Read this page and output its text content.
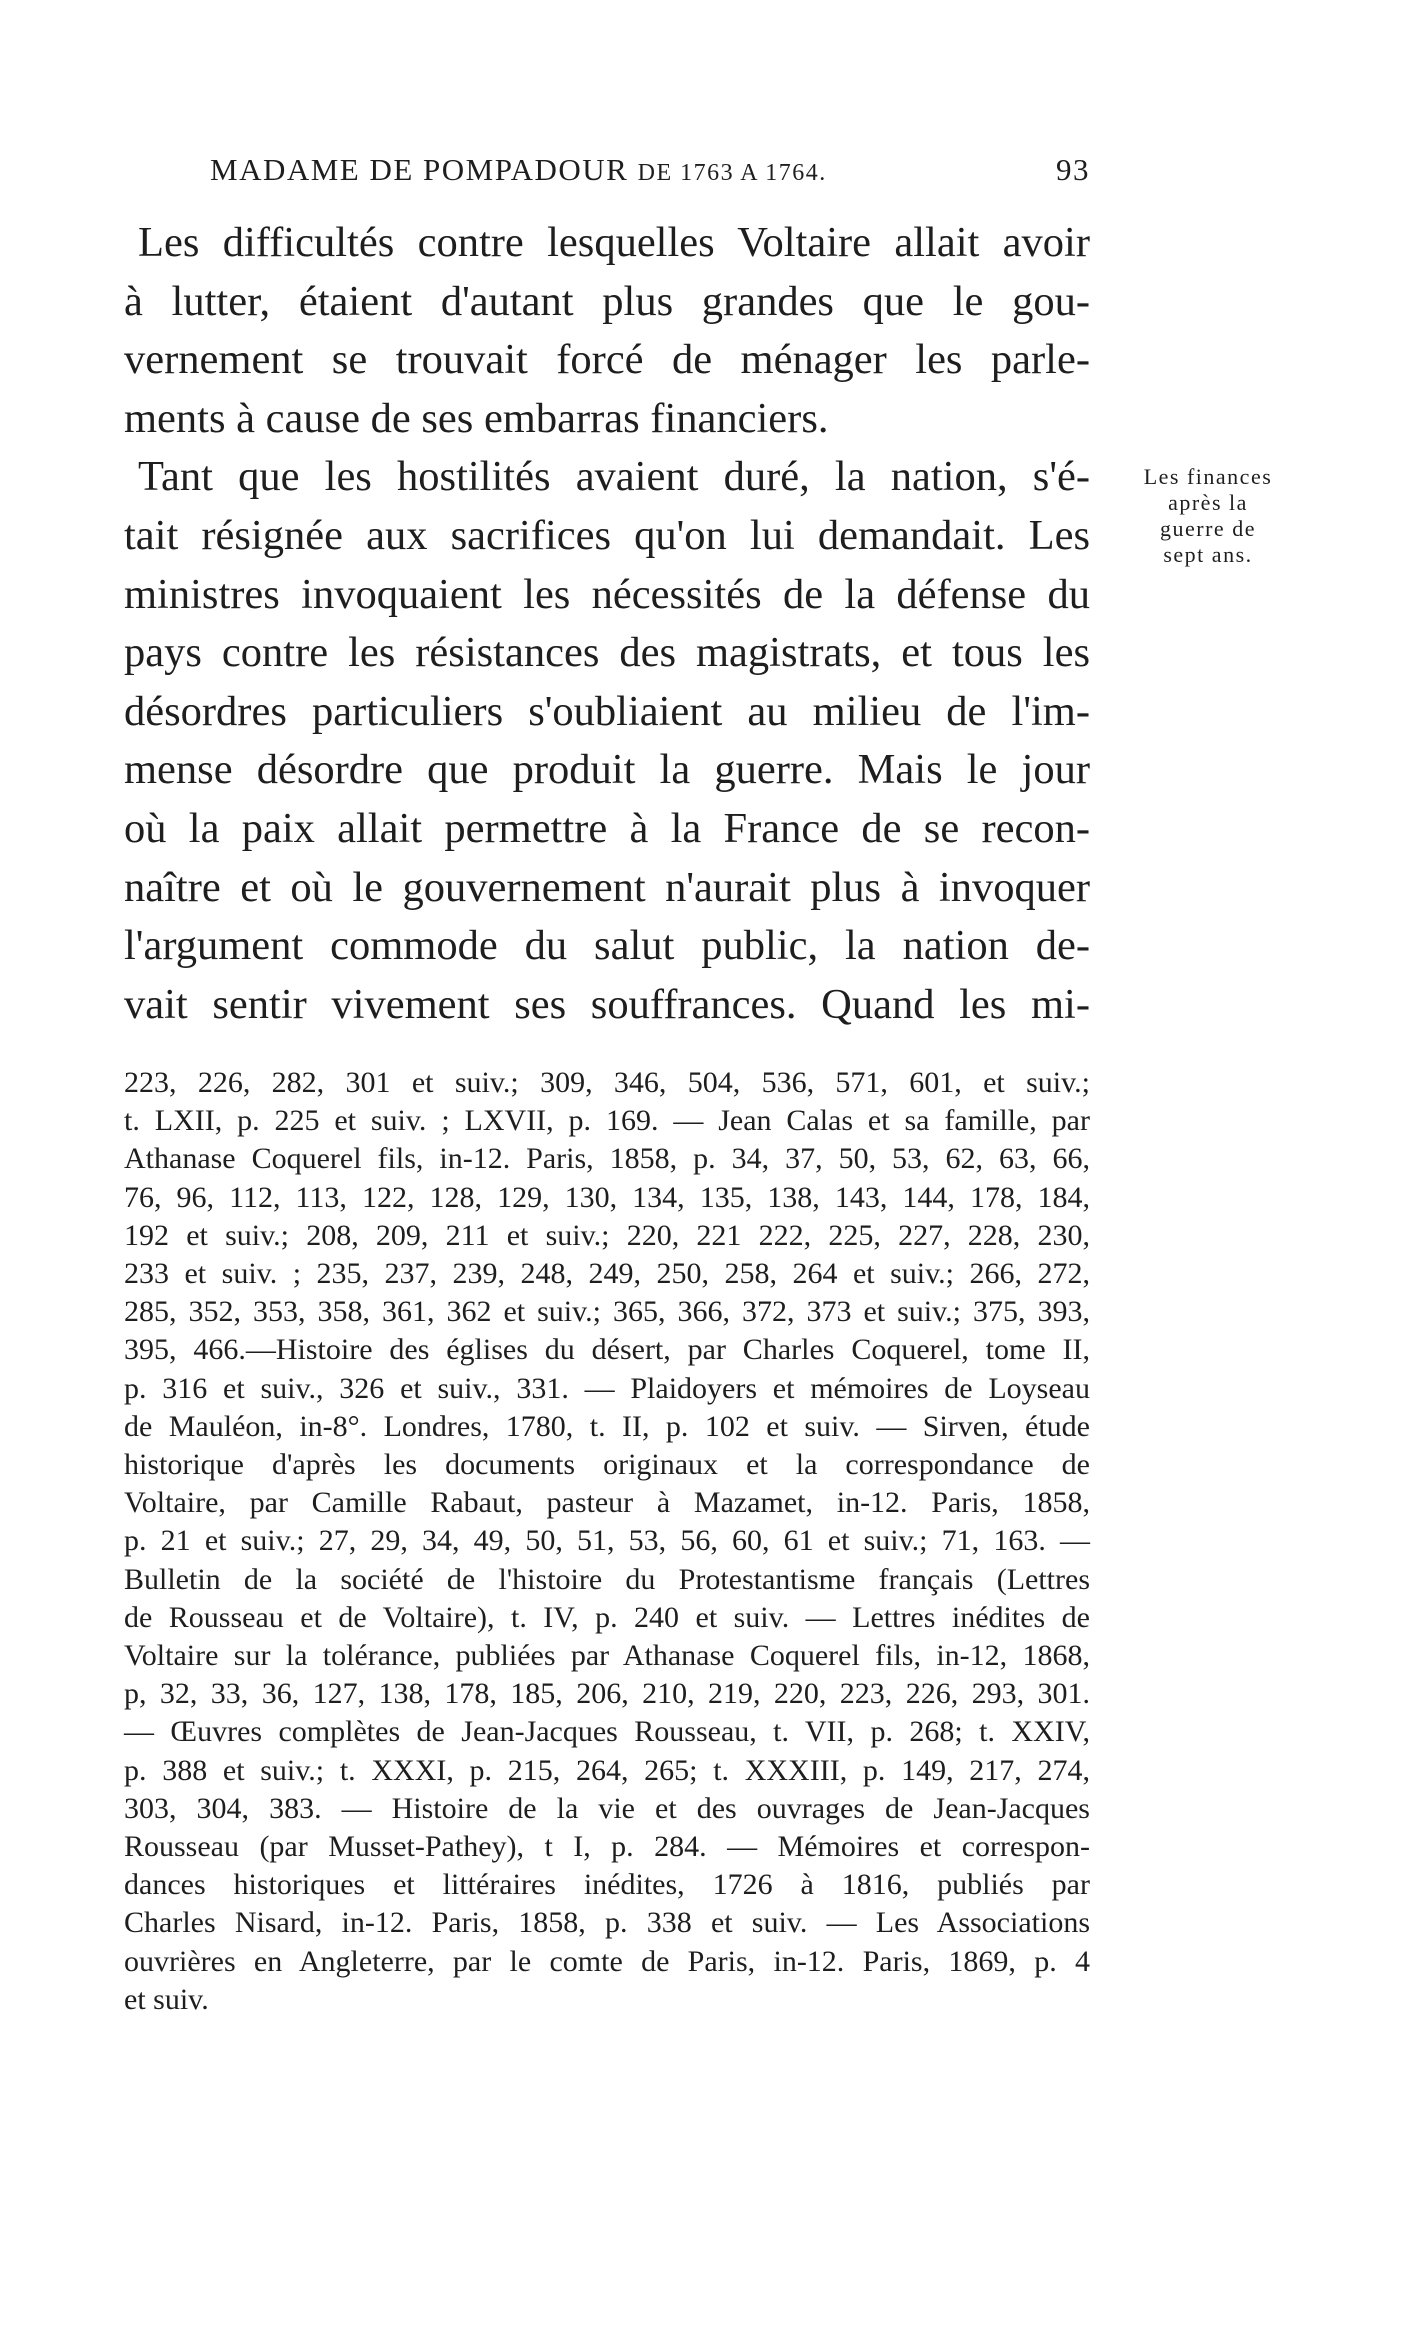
MADAME DE POMPADOUR DE 1763 A 1764.	93
Les difficultés contre lesquelles Voltaire allait avoir
à lutter, étaient d'autant plus grandes que le gou-
vernement se trouvait forcé de ménager les parle-
ments à cause de ses embarras financiers.
Tant que les hostilités avaient duré, la nation, s'é-
tait résignée aux sacrifices qu'on lui demandait. Les
ministres invoquaient les nécessités de la défense du
pays contre les résistances des magistrats, et tous les
désordres particuliers s'oubliaient au milieu de l'im-
mense désordre que produit la guerre. Mais le jour
où la paix allait permettre à la France de se recon-
naître et où le gouvernement n'aurait plus à invoquer
l'argument commode du salut public, la nation de-
vait sentir vivement ses souffrances. Quand les mi-
Les finances
après la
guerre de
sept ans.
223, 226, 282, 301 et suiv.; 309, 346, 504, 536, 571, 601, et suiv.;
t. LXII, p. 225 et suiv. ; LXVII, p. 169. — Jean Calas et sa famille, par
Athanase Coquerel fils, in-12. Paris, 1858, p. 34, 37, 50, 53, 62, 63, 66,
76, 96, 112, 113, 122, 128, 129, 130, 134, 135, 138, 143, 144, 178, 184,
192 et suiv.; 208, 209, 211 et suiv.; 220, 221 222, 225, 227, 228, 230,
233 et suiv. ; 235, 237, 239, 248, 249, 250, 258, 264 et suiv.; 266, 272,
285, 352, 353, 358, 361, 362 et suiv.; 365, 366, 372, 373 et suiv.; 375, 393,
395, 466.—Histoire des églises du désert, par Charles Coquerel, tome II,
p. 316 et suiv., 326 et suiv., 331. — Plaidoyers et mémoires de Loyseau
de Mauléon, in-8°. Londres, 1780, t. II, p. 102 et suiv. — Sirven, étude
historique d'après les documents originaux et la correspondance de
Voltaire, par Camille Rabaut, pasteur à Mazamet, in-12. Paris, 1858,
p. 21 et suiv.; 27, 29, 34, 49, 50, 51, 53, 56, 60, 61 et suiv.; 71, 163. —
Bulletin de la société de l'histoire du Protestantisme français (Lettres
de Rousseau et de Voltaire), t. IV, p. 240 et suiv. — Lettres inédites de
Voltaire sur la tolérance, publiées par Athanase Coquerel fils, in-12, 1868,
p, 32, 33, 36, 127, 138, 178, 185, 206, 210, 219, 220, 223, 226, 293, 301.
— Œuvres complètes de Jean-Jacques Rousseau, t. VII, p. 268; t. XXIV,
p. 388 et suiv.; t. XXXI, p. 215, 264, 265; t. XXXIII, p. 149, 217, 274,
303, 304, 383. — Histoire de la vie et des ouvrages de Jean-Jacques
Rousseau (par Musset-Pathey), t I, p. 284. — Mémoires et correspon-
dances historiques et littéraires inédites, 1726 à 1816, publiés par
Charles Nisard, in-12. Paris, 1858, p. 338 et suiv. — Les Associations
ouvrières en Angleterre, par le comte de Paris, in-12. Paris, 1869, p. 4
et suiv.
